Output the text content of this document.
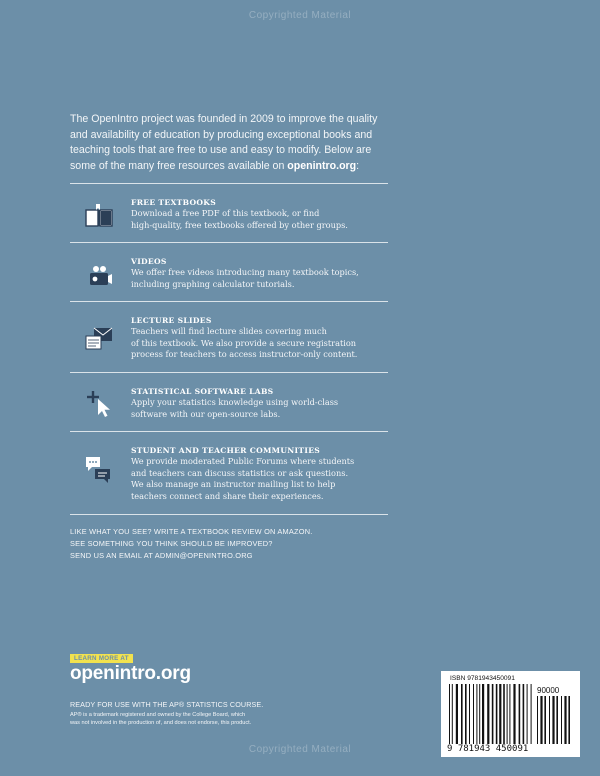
Copyrighted Material
The OpenIntro project was founded in 2009 to improve the quality and availability of education by producing exceptional books and teaching tools that are free to use and easy to modify. Below are some of the many free resources available on openintro.org:
FREE TEXTBOOKS
Download a free PDF of this textbook, or find
high-quality, free textbooks offered by other groups.
VIDEOS
We offer free videos introducing many textbook topics,
including graphing calculator tutorials.
LECTURE SLIDES
Teachers will find lecture slides covering much
of this textbook. We also provide a secure registration
process for teachers to access instructor-only content.
STATISTICAL SOFTWARE LABS
Apply your statistics knowledge using world-class
software with our open-source labs.
STUDENT AND TEACHER COMMUNITIES
We provide moderated Public Forums where students
and teachers can discuss statistics or ask questions.
We also manage an instructor mailing list to help
teachers connect and share their experiences.
LIKE WHAT YOU SEE? WRITE A TEXTBOOK REVIEW ON AMAZON.
SEE SOMETHING YOU THINK SHOULD BE IMPROVED?
SEND US AN EMAIL AT ADMIN@OPENINTRO.ORG
LEARN MORE AT
openintro.org
READY FOR USE WITH THE AP® STATISTICS COURSE.
AP® is a trademark registered and owned by the College Board, which
was not involved in the production of, and does not endorse, this product.
ISBN 9781943450091
90000
9 781943 450091
Copyrighted Material
